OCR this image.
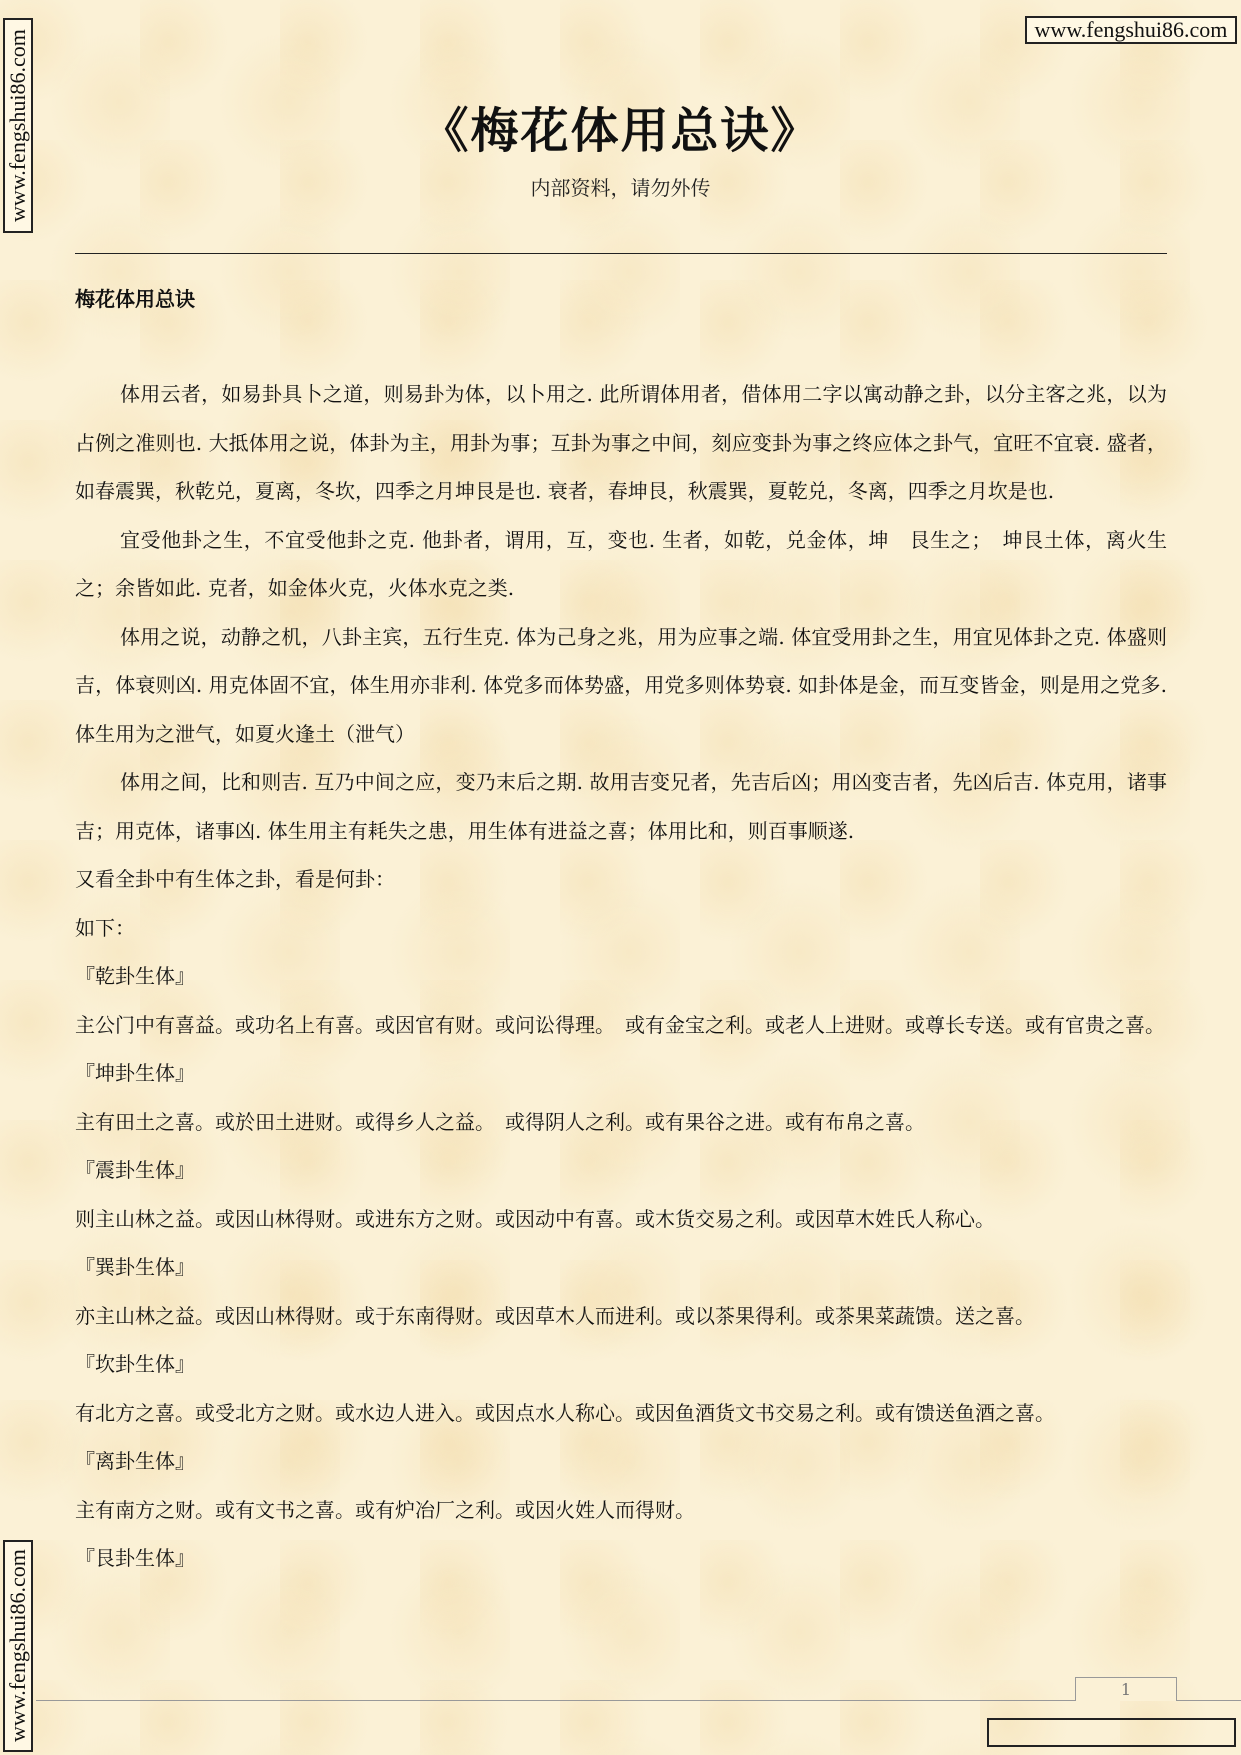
www.fengshui86.com
www.fengshui86.com
www.fengshui86.com
《梅花体用总诀》
内部资料，请勿外传
梅花体用总诀

体用云者，如易卦具卜之道，则易卦为体，以卜用之. 此所谓体用者，借体用二字以寓动静之卦，以分主客之兆，以为占例之准则也. 大抵体用之说，体卦为主，用卦为事；互卦为事之中间，刻应变卦为事之终应体之卦气，宜旺不宜衰. 盛者，如春震巽，秋乾兑，夏离，冬坎，四季之月坤艮是也. 衰者，春坤艮，秋震巽，夏乾兑，冬离，四季之月坎是也.

宜受他卦之生，不宜受他卦之克. 他卦者，谓用，互，变也. 生者，如乾，兑金体，坤　艮生之；　坤艮土体，离火生之；余皆如此. 克者，如金体火克，火体水克之类.

体用之说，动静之机，八卦主宾，五行生克. 体为己身之兆，用为应事之端. 体宜受用卦之生，用宜见体卦之克. 体盛则吉，体衰则凶. 用克体固不宜，体生用亦非利. 体党多而体势盛，用党多则体势衰. 如卦体是金，而互变皆金，则是用之党多. 体生用为之泄气，如夏火逢土（泄气）

体用之间，比和则吉. 互乃中间之应，变乃末后之期. 故用吉变兄者，先吉后凶；用凶变吉者，先凶后吉. 体克用，诸事吉；用克体，诸事凶. 体生用主有耗失之患，用生体有进益之喜；体用比和，则百事顺遂.

又看全卦中有生体之卦，看是何卦：

如下：

『乾卦生体』

主公门中有喜益。或功名上有喜。或因官有财。或问讼得理。　或有金宝之利。或老人上进财。或尊长专送。或有官贵之喜。

『坤卦生体』

主有田土之喜。或於田土进财。或得乡人之益。　或得阴人之利。或有果谷之进。或有布帛之喜。

『震卦生体』

则主山林之益。或因山林得财。或进东方之财。或因动中有喜。或木货交易之利。或因草木姓氏人称心。

『巽卦生体』

亦主山林之益。或因山林得财。或于东南得财。或因草木人而进利。或以茶果得利。或茶果菜蔬馈。送之喜。

『坎卦生体』

有北方之喜。或受北方之财。或水边人进入。或因点水人称心。或因鱼酒货文书交易之利。或有馈送鱼酒之喜。

『离卦生体』

主有南方之财。或有文书之喜。或有炉冶厂之利。或因火姓人而得财。

『艮卦生体』

1
